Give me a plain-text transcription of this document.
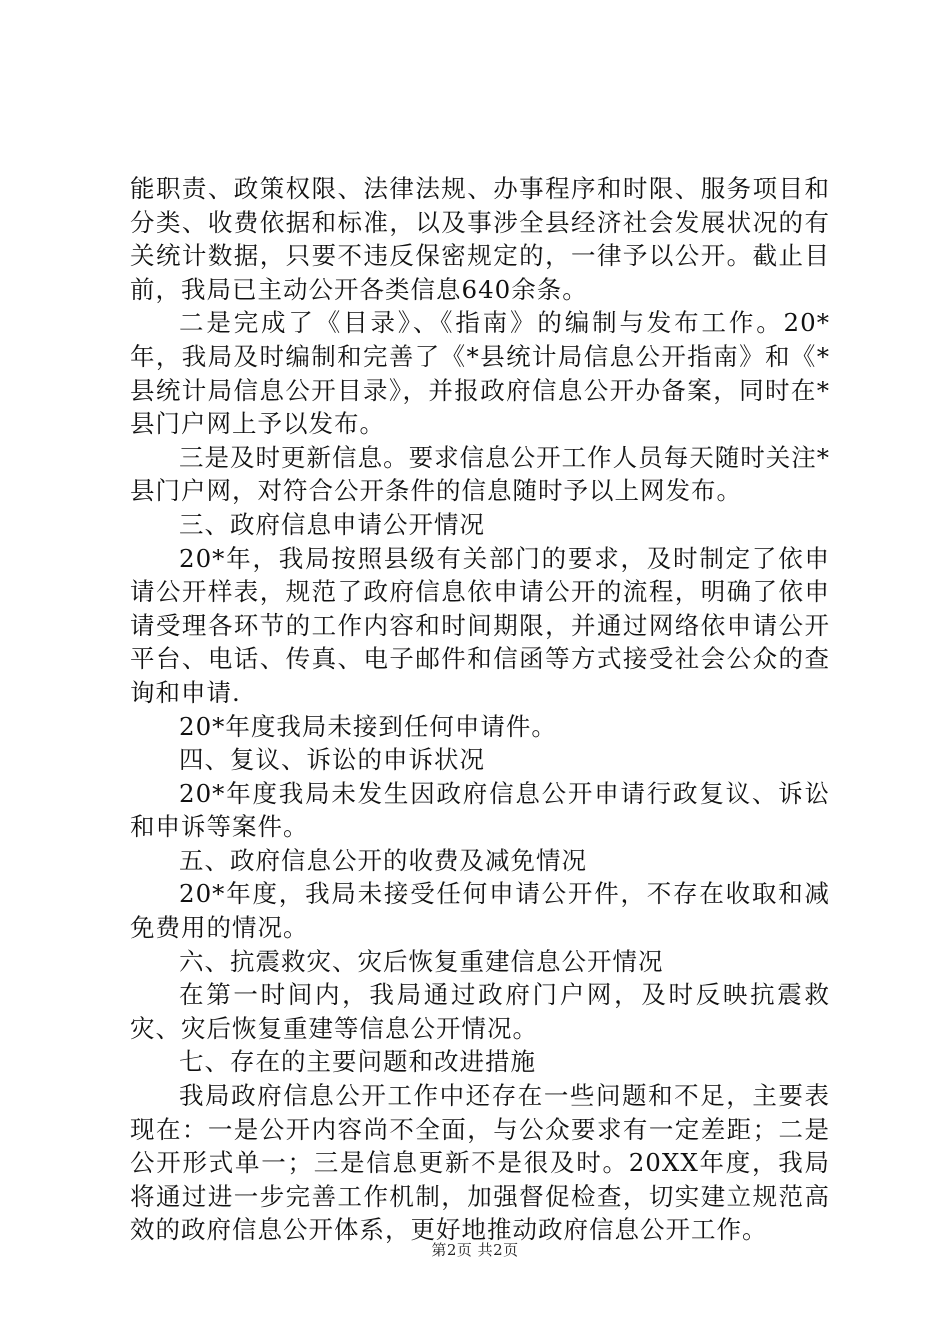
能职责、政策权限、法律法规、办事程序和时限、服务项目和分类、收费依据和标准，以及事涉全县经济社会发展状况的有关统计数据，只要不违反保密规定的，一律予以公开。截止目前，我局已主动公开各类信息640余条。

二是完成了《目录》、《指南》的编制与发布工作。20*年，我局及时编制和完善了《*县统计局信息公开指南》和《*县统计局信息公开目录》，并报政府信息公开办备案，同时在*县门户网上予以发布。

三是及时更新信息。要求信息公开工作人员每天随时关注*县门户网，对符合公开条件的信息随时予以上网发布。

三、政府信息申请公开情况

20*年，我局按照县级有关部门的要求，及时制定了依申请公开样表，规范了政府信息依申请公开的流程，明确了依申请受理各环节的工作内容和时间期限，并通过网络依申请公开平台、电话、传真、电子邮件和信函等方式接受社会公众的查询和申请.

20*年度我局未接到任何申请件。

四、复议、诉讼的申诉状况

20*年度我局未发生因政府信息公开申请行政复议、诉讼和申诉等案件。

五、政府信息公开的收费及减免情况

20*年度，我局未接受任何申请公开件，不存在收取和减免费用的情况。

六、抗震救灾、灾后恢复重建信息公开情况

在第一时间内，我局通过政府门户网，及时反映抗震救灾、灾后恢复重建等信息公开情况。

七、存在的主要问题和改进措施

我局政府信息公开工作中还存在一些问题和不足，主要表现在：一是公开内容尚不全面，与公众要求有一定差距；二是公开形式单一；三是信息更新不是很及时。20XX年度，我局将通过进一步完善工作机制，加强督促检查，切实建立规范高效的政府信息公开体系，更好地推动政府信息公开工作。

第2页 共2页
